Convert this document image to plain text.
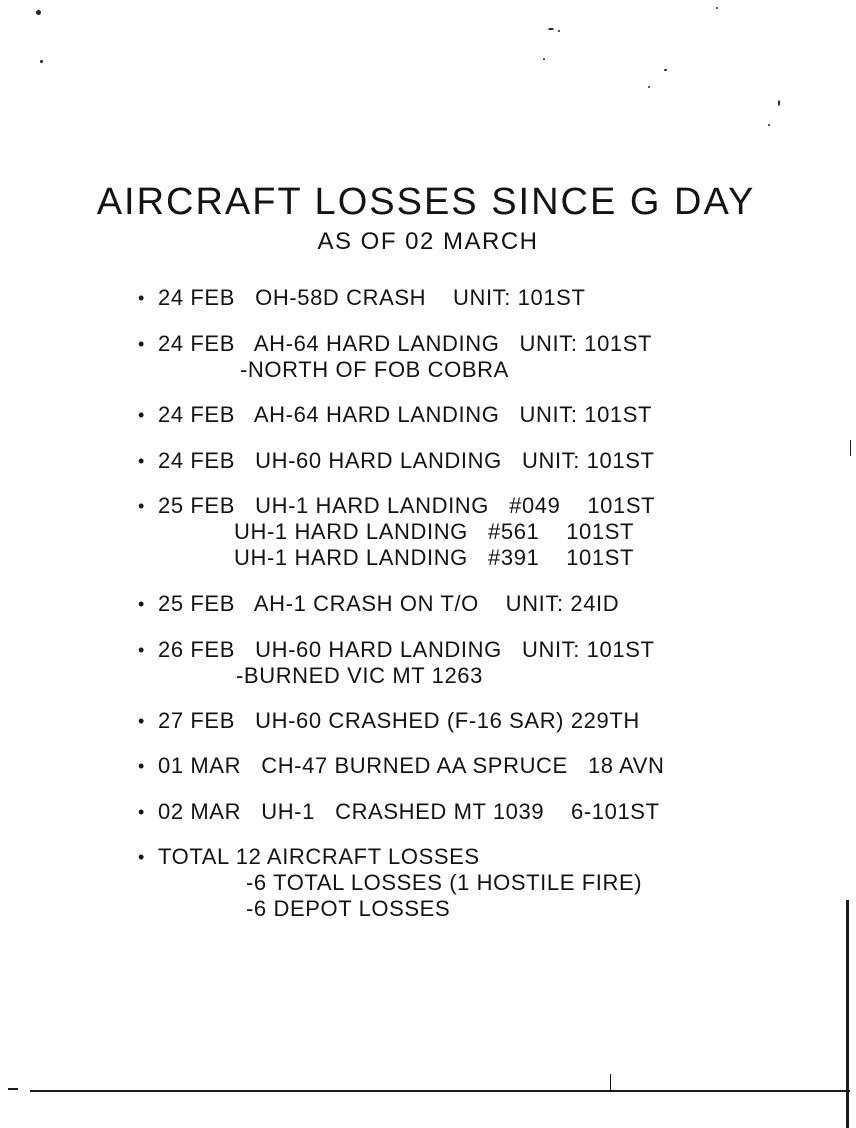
AIRCRAFT LOSSES SINCE G DAY
AS OF 02 MARCH
• 24 FEB   OH-58D CRASH    UNIT: 101ST
• 24 FEB   AH-64 HARD LANDING   UNIT: 101ST
-NORTH OF FOB COBRA
• 24 FEB   AH-64 HARD LANDING   UNIT: 101ST
• 24 FEB   UH-60 HARD LANDING   UNIT: 101ST
• 25 FEB   UH-1 HARD LANDING   #049    101ST
UH-1 HARD LANDING   #561    101ST
UH-1 HARD LANDING   #391    101ST
• 25 FEB   AH-1 CRASH ON T/O    UNIT: 24ID
• 26 FEB   UH-60 HARD LANDING   UNIT: 101ST
-BURNED VIC MT 1263
• 27 FEB   UH-60 CRASHED (F-16 SAR) 229TH
• 01 MAR   CH-47 BURNED AA SPRUCE   18 AVN
• 02 MAR   UH-1   CRASHED MT 1039    6-101ST
• TOTAL 12 AIRCRAFT LOSSES
-6 TOTAL LOSSES (1 HOSTILE FIRE)
-6 DEPOT LOSSES
